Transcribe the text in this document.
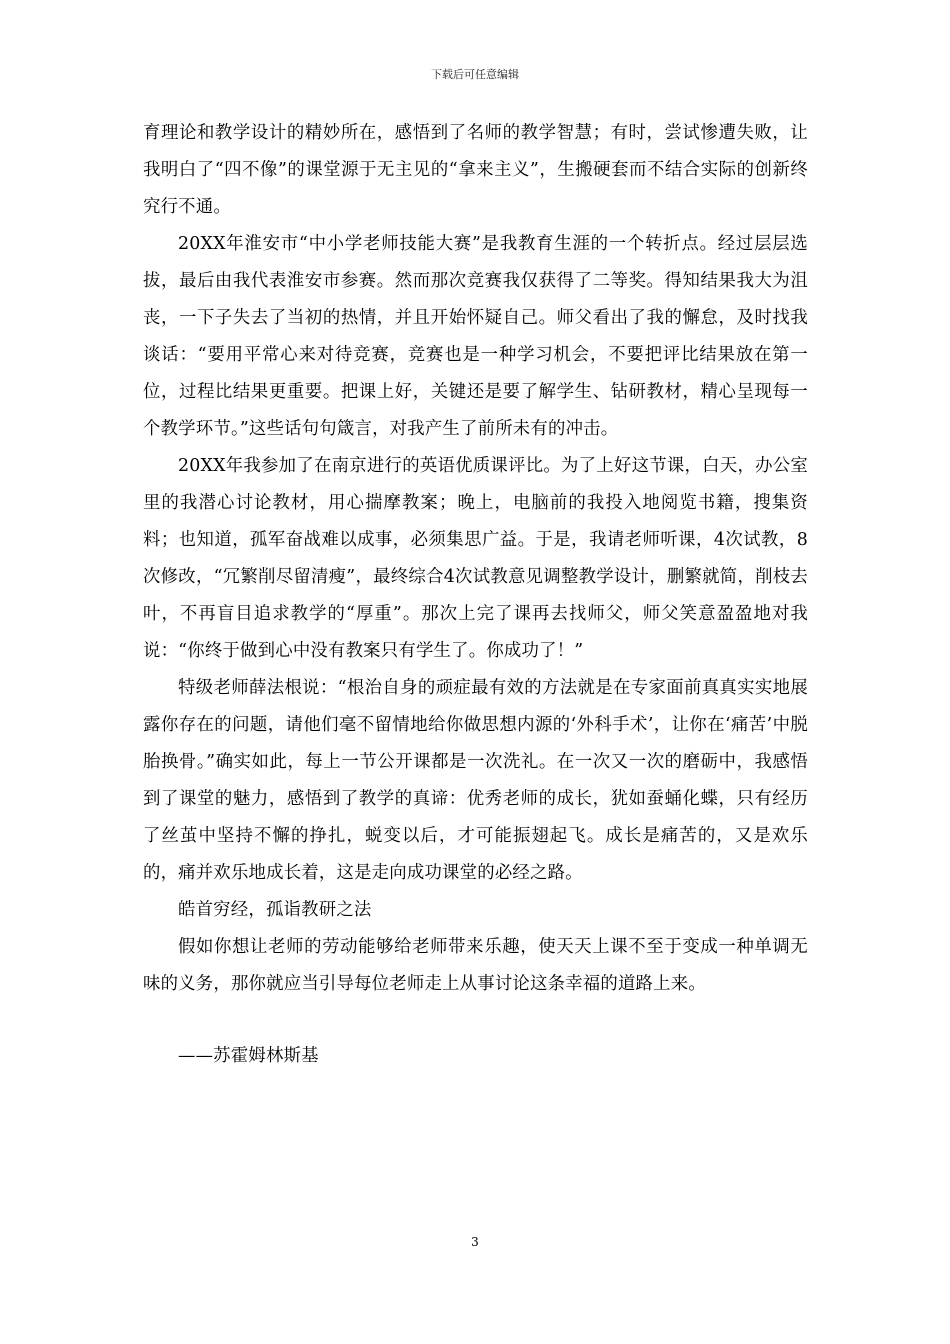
下载后可任意编辑

育理论和教学设计的精妙所在，感悟到了名师的教学智慧；有时，尝试惨遭失败，让我明白了“四不像”的课堂源于无主见的“拿来主义”，生搬硬套而不结合实际的创新终究行不通。

20XX年淮安市“中小学老师技能大赛”是我教育生涯的一个转折点。经过层层选拔，最后由我代表淮安市参赛。然而那次竞赛我仅获得了二等奖。得知结果我大为沮丧，一下子失去了当初的热情，并且开始怀疑自己。师父看出了我的懈怠，及时找我谈话：“要用平常心来对待竞赛，竞赛也是一种学习机会，不要把评比结果放在第一位，过程比结果更重要。把课上好，关键还是要了解学生、钻研教材，精心呈现每一个教学环节。”这些话句句箴言，对我产生了前所未有的冲击。

20XX年我参加了在南京进行的英语优质课评比。为了上好这节课，白天，办公室里的我潜心讨论教材，用心揣摩教案；晚上，电脑前的我投入地阅览书籍，搜集资料；也知道，孤军奋战难以成事，必须集思广益。于是，我请老师听课，4次试教，8次修改，“冗繁削尽留清瘦”，最终综合4次试教意见调整教学设计，删繁就简，削枝去叶，不再盲目追求教学的“厚重”。那次上完了课再去找师父，师父笑意盈盈地对我说：“你终于做到心中没有教案只有学生了。你成功了！”

特级老师薛法根说：“根治自身的顽症最有效的方法就是在专家面前真真实实地展露你存在的问题，请他们毫不留情地给你做思想内源的‘外科手术’，让你在‘痛苦’中脱胎换骨。”确实如此，每上一节公开课都是一次洗礼。在一次又一次的磨砺中，我感悟到了课堂的魅力，感悟到了教学的真谛：优秀老师的成长，犹如蚕蛹化蝶，只有经历了丝茧中坚持不懈的挣扎，蜕变以后，才可能振翅起飞。成长是痛苦的，又是欢乐的，痛并欢乐地成长着，这是走向成功课堂的必经之路。

皓首穷经，孤诣教研之法

假如你想让老师的劳动能够给老师带来乐趣，使天天上课不至于变成一种单调无味的义务，那你就应当引导每位老师走上从事讨论这条幸福的道路上来。

——苏霍姆林斯基

3
